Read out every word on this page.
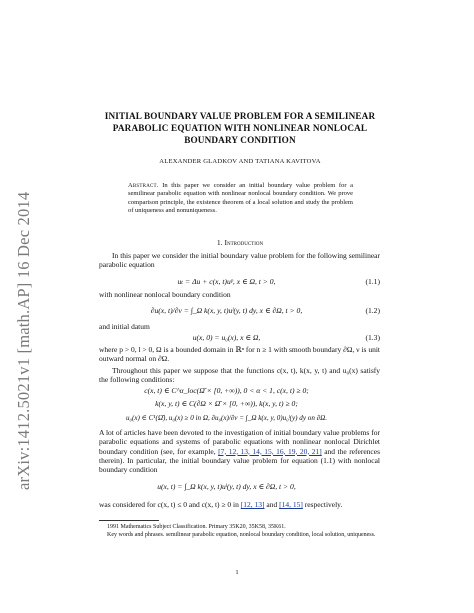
arXiv:1412.5021v1 [math.AP] 16 Dec 2014
INITIAL BOUNDARY VALUE PROBLEM FOR A SEMILINEAR PARABOLIC EQUATION WITH NONLINEAR NONLOCAL BOUNDARY CONDITION
ALEXANDER GLADKOV AND TATIANA KAVITOVA
Abstract. In this paper we consider an initial boundary value problem for a semilinear parabolic equation with nonlinear nonlocal boundary condition. We prove comparison principle, the existence theorem of a local solution and study the problem of uniqueness and nonuniqueness.
1. Introduction
In this paper we consider the initial boundary value problem for the following semilinear parabolic equation
uₜ = Δu + c(x, t)uᵖ, x ∈ Ω, t > 0,	(1.1)
with nonlinear nonlocal boundary condition
∂u(x, t)/∂ν = ∫_Ω k(x, y, t)uˡ(y, t) dy, x ∈ ∂Ω, t > 0,	(1.2)
and initial datum
u(x, 0) = u₀(x), x ∈ Ω,	(1.3)
where p > 0, l > 0, Ω is a bounded domain in ℝⁿ for n ≥ 1 with smooth boundary ∂Ω, ν is unit outward normal on ∂Ω.
Throughout this paper we suppose that the functions c(x, t), k(x, y, t) and u₀(x) satisfy the following conditions:
c(x, t) ∈ C^α_loc(Ω̄ × [0, +∞)), 0 < α < 1, c(x, t) ≥ 0;
k(x, y, t) ∈ C(∂Ω × Ω̄ × [0, +∞)), k(x, y, t) ≥ 0;
u₀(x) ∈ C¹(Ω̄), u₀(x) ≥ 0 in Ω, ∂u₀(x)/∂ν = ∫_Ω k(x, y, 0)u₀ˡ(y) dy on ∂Ω.
A lot of articles have been devoted to the investigation of initial boundary value problems for parabolic equations and systems of parabolic equations with nonlinear nonlocal Dirichlet boundary condition (see, for example, [7, 12, 13, 14, 15, 16, 19, 20, 21] and the references therein). In particular, the initial boundary value problem for equation (1.1) with nonlocal boundary condition
u(x, t) = ∫_Ω k(x, y, t)uˡ(y, t) dy, x ∈ ∂Ω, t > 0,
was considered for c(x, t) ≤ 0 and c(x, t) ≥ 0 in [12, 13] and [14, 15] respectively.
1991 Mathematics Subject Classification. Primary 35K20, 35K58, 35K61.
Key words and phrases. semilinear parabolic equation, nonlocal boundary condition, local solution, uniqueness.
1
